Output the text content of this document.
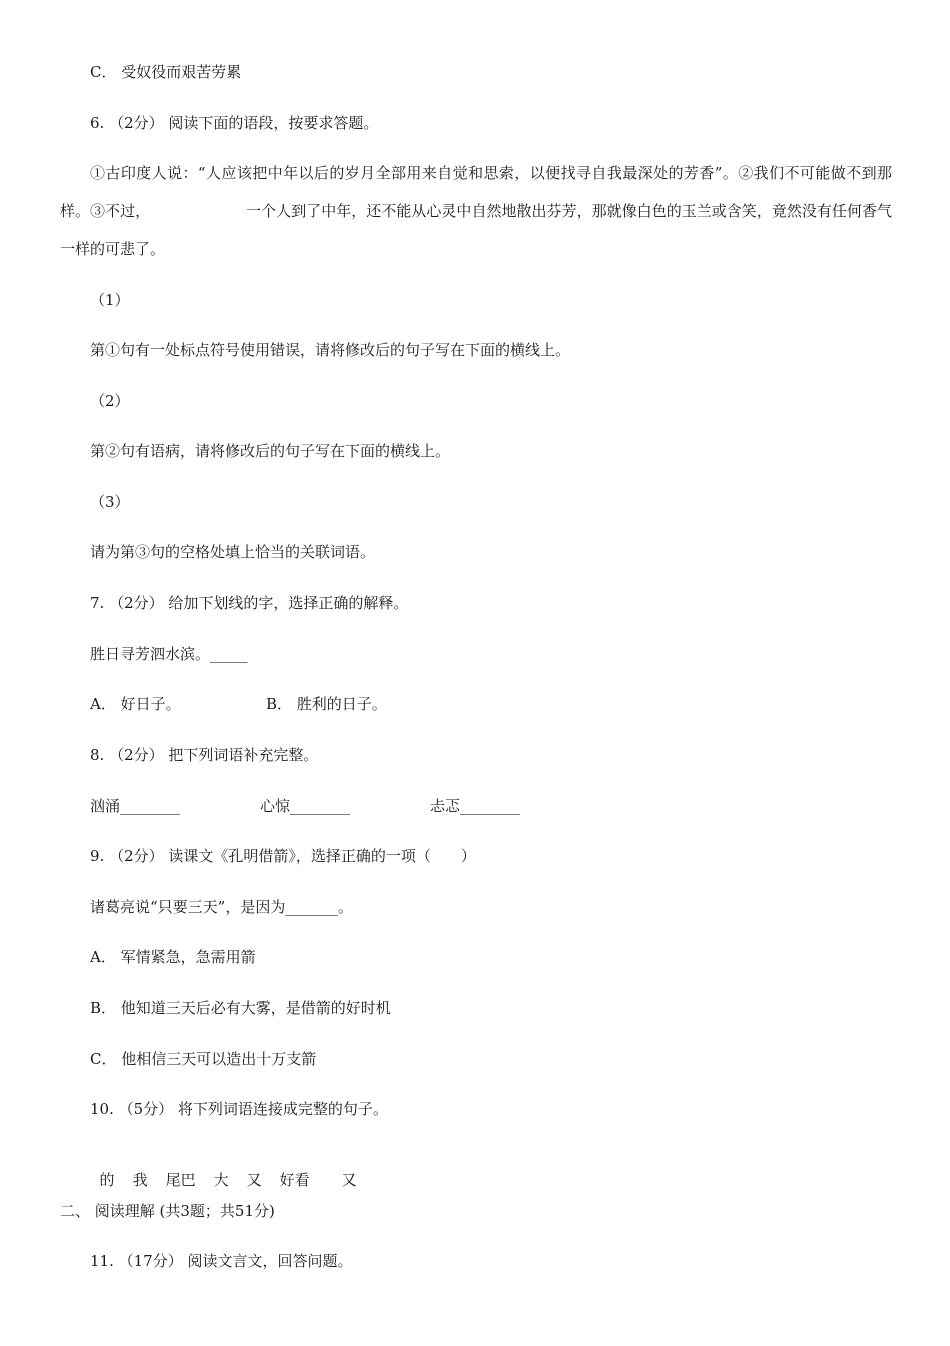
C． 受奴役而艰苦劳累
6. （2分） 阅读下面的语段，按要求答题。
①古印度人说：“人应该把中年以后的岁月全部用来自觉和思索，以便找寻自我最深处的芳香”。②我们不可能做不到那样。③不过，	一个人到了中年，还不能从心灵中自然地散出芬芳，那就像白色的玉兰或含笑，竟然没有任何香气一样的可悲了。
（1）
第①句有一处标点符号使用错误，请将修改后的句子写在下面的横线上。
（2）
第②句有语病，请将修改后的句子写在下面的横线上。
（3）
请为第③句的空格处填上恰当的关联词语。
7. （2分） 给加下划线的字，选择正确的解释。
胜日寻芳泗水滨。_____
A． 好日子。	B． 胜利的日子。
8. （2分） 把下列词语补充完整。
汹涌________	心惊________	忐忑________
9. （2分） 读课文《孔明借箭》，选择正确的一项（　　）
诸葛亮说“只要三天”，是因为_______。
A． 军情紧急，急需用箭
B． 他知道三天后必有大雾，是借箭的好时机
C． 他相信三天可以造出十万支箭
10. （5分） 将下列词语连接成完整的句子。

的 我 尾巴 大 又 好看 又

二、 阅读理解 (共3题；共51分)
11. （17分） 阅读文言文，回答问题。
